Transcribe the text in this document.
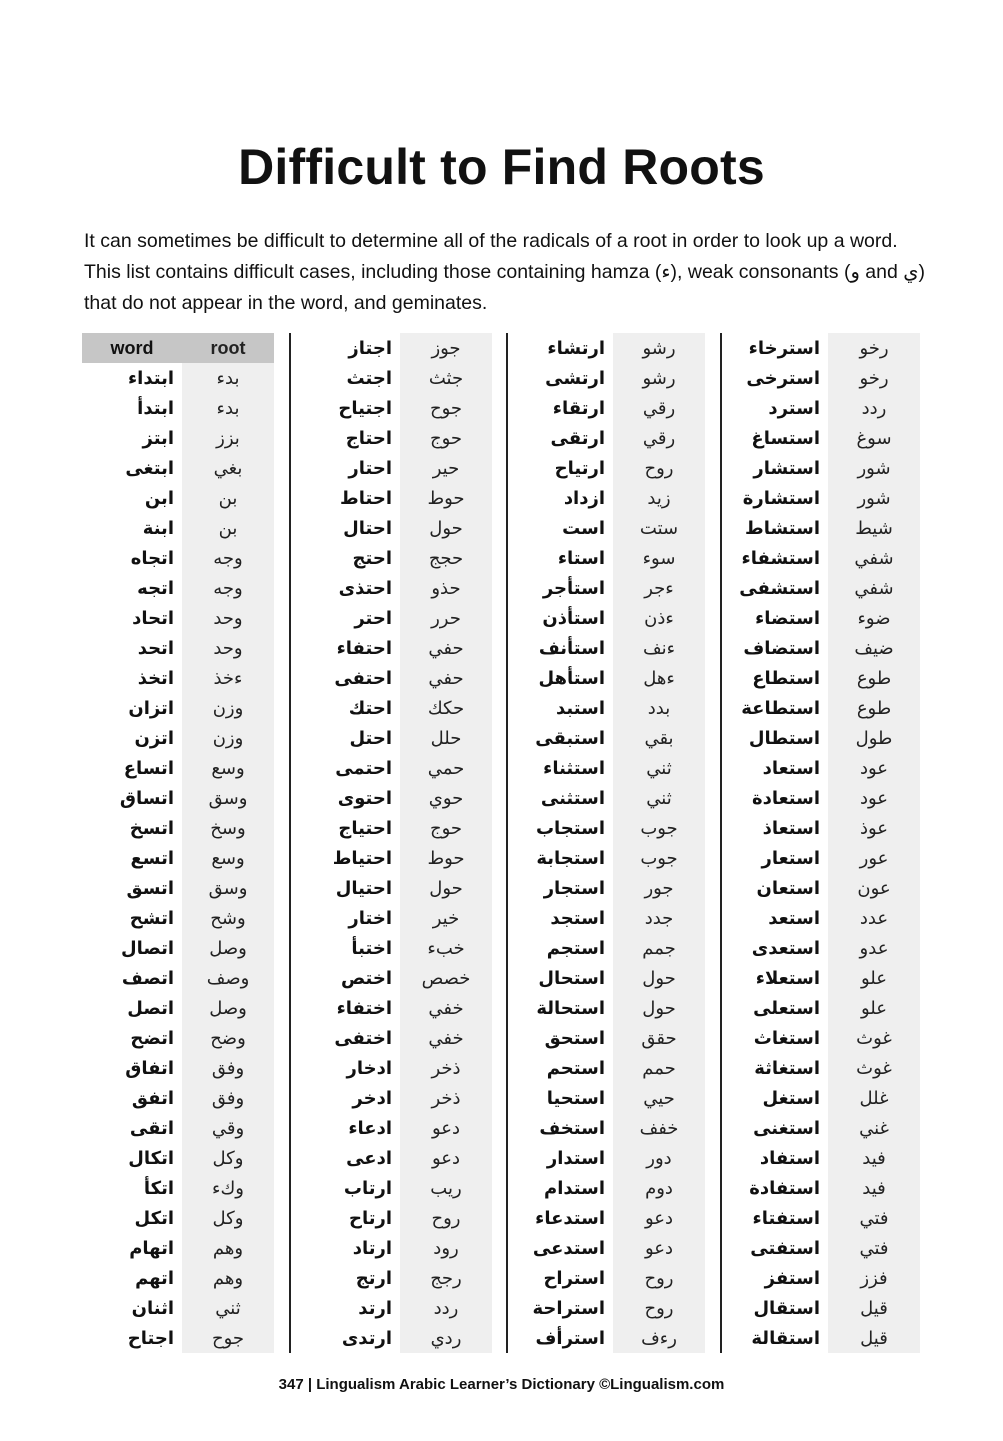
Difficult to Find Roots
It can sometimes be difficult to determine all of the radicals of a root in order to look up a word. This list contains difficult cases, including those containing hamza (ء), weak consonants (و and ي) that do not appear in the word, and geminates.
word	root
ابتداء	بدء
ابتدأ	بدء
ابتز	بزز
ابتغى	بغي
ابن	بن
ابنة	بن
اتجاه	وجه
اتجه	وجه
اتحاد	وحد
اتحد	وحد
اتخذ	ءخذ
اتزان	وزن
اتزن	وزن
اتساع	وسع
اتساق	وسق
اتسخ	وسخ
اتسع	وسع
اتسق	وسق
اتشح	وشح
اتصال	وصل
اتصف	وصف
اتصل	وصل
اتضح	وضح
اتفاق	وفق
اتفق	وفق
اتقى	وقي
اتكال	وكل
اتكأ	وكء
اتكل	وكل
اتهام	وهم
اتهم	وهم
اثنان	ثني
اجتاح	جوح
اجتاز	جوز
اجتث	جثث
اجتياح	جوح
احتاج	حوج
احتار	حير
احتاط	حوط
احتال	حول
احتج	حجج
احتذى	حذو
احتر	حرر
احتفاء	حفي
احتفى	حفي
احتك	حكك
احتل	حلل
احتمى	حمي
احتوى	حوي
احتياج	حوج
احتياط	حوط
احتيال	حول
اختار	خير
اختبأ	خبء
اختص	خصص
اختفاء	خفي
اختفى	خفي
ادخار	ذخر
ادخر	ذخر
ادعاء	دعو
ادعى	دعو
ارتاب	ريب
ارتاح	روح
ارتاد	رود
ارتج	رجج
ارتد	ردد
ارتدى	ردي
ارتشاء	رشو
ارتشى	رشو
ارتقاء	رقي
ارتقى	رقي
ارتياح	روح
ازداد	زيد
است	ستت
استاء	سوء
استأجر	ءجر
استأذن	ءذن
استأنف	ءنف
استأهل	ءهل
استبد	بدد
استبقى	بقي
استثناء	ثني
استثنى	ثني
استجاب	جوب
استجابة	جوب
استجار	جور
استجد	جدد
استجم	جمم
استحال	حول
استحالة	حول
استحق	حقق
استحم	حمم
استحيا	حيي
استخف	خفف
استدار	دور
استدام	دوم
استدعاء	دعو
استدعى	دعو
استراح	روح
استراحة	روح
استرأف	رءف
استرخاء	رخو
استرخى	رخو
استرد	ردد
استساغ	سوغ
استشار	شور
استشارة	شور
استشاط	شيط
استشفاء	شفي
استشفى	شفي
استضاء	ضوء
استضاف	ضيف
استطاع	طوع
استطاعة	طوع
استطال	طول
استعاد	عود
استعادة	عود
استعاذ	عوذ
استعار	عور
استعان	عون
استعد	عدد
استعدى	عدو
استعلاء	علو
استعلى	علو
استغاث	غوث
استغاثة	غوث
استغل	غلل
استغنى	غني
استفاد	فيد
استفادة	فيد
استفتاء	فتي
استفتى	فتي
استفز	فزز
استقال	قيل
استقالة	قيل
347 | Lingualism Arabic Learner’s Dictionary ©Lingualism.com
